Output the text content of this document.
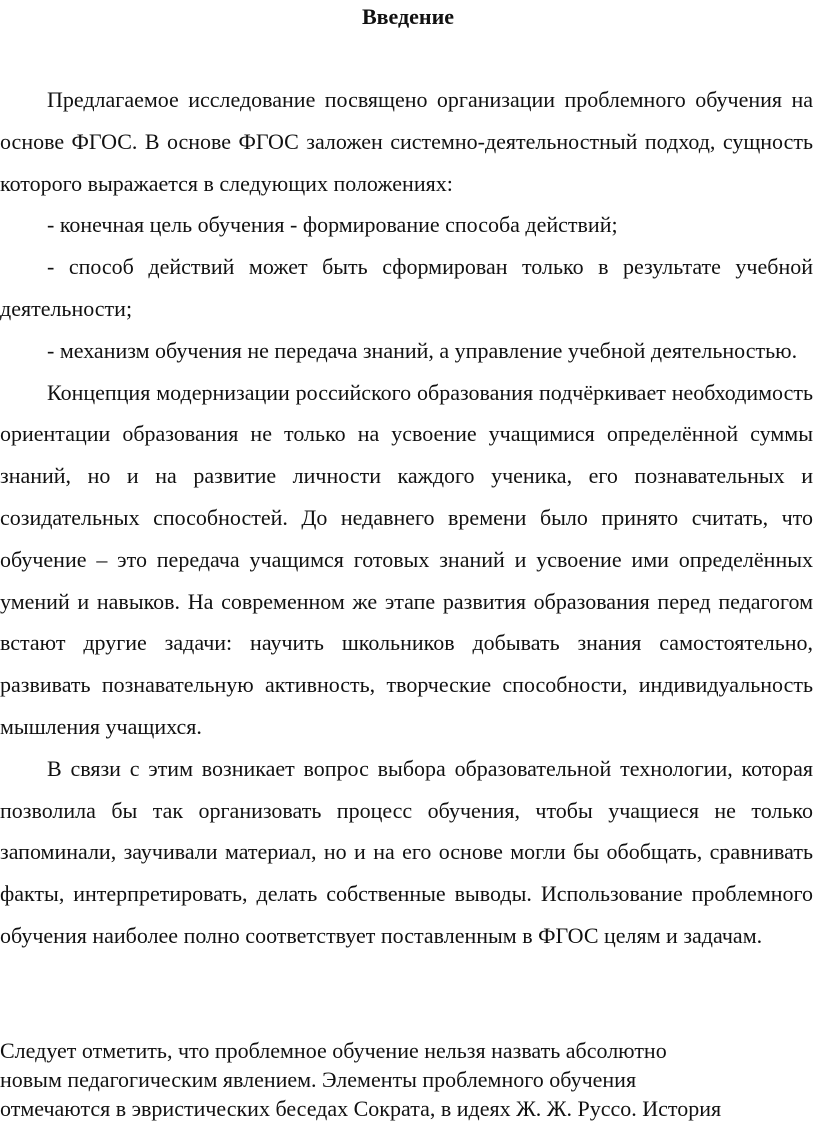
Введение

Предлагаемое исследование посвящено организации проблемного обучения на основе ФГОС. В основе ФГОС заложен системно-деятельностный подход, сущность которого выражается в следующих положениях:

- конечная цель обучения - формирование способа действий;

- способ действий может быть сформирован только в результате учебной деятельности;

- механизм обучения не передача знаний, а управление учебной деятельностью.

Концепция модернизации российского образования подчёркивает необходимость ориентации образования не только на усвоение учащимися определённой суммы знаний, но и на развитие личности каждого ученика, его познавательных и созидательных способностей. До недавнего времени было принято считать, что обучение – это передача учащимся готовых знаний и усвоение ими определённых умений и навыков. На современном же этапе развития образования перед педагогом встают другие задачи: научить школьников добывать знания самостоятельно, развивать познавательную активность, творческие способности, индивидуальность мышления учащихся.

В связи с этим возникает вопрос выбора образовательной технологии, которая позволила бы так организовать процесс обучения, чтобы учащиеся не только запоминали, заучивали материал, но и на его основе могли бы обобщать, сравнивать факты, интерпретировать, делать собственные выводы. Использование проблемного обучения наиболее полно соответствует поставленным в ФГОС целям и задачам.

Следует отметить, что проблемное обучение нельзя назвать абсолютно
новым педагогическим явлением. Элементы проблемного обучения
отмечаются в эвристических беседах Сократа, в идеях Ж. Ж. Руссо. История
